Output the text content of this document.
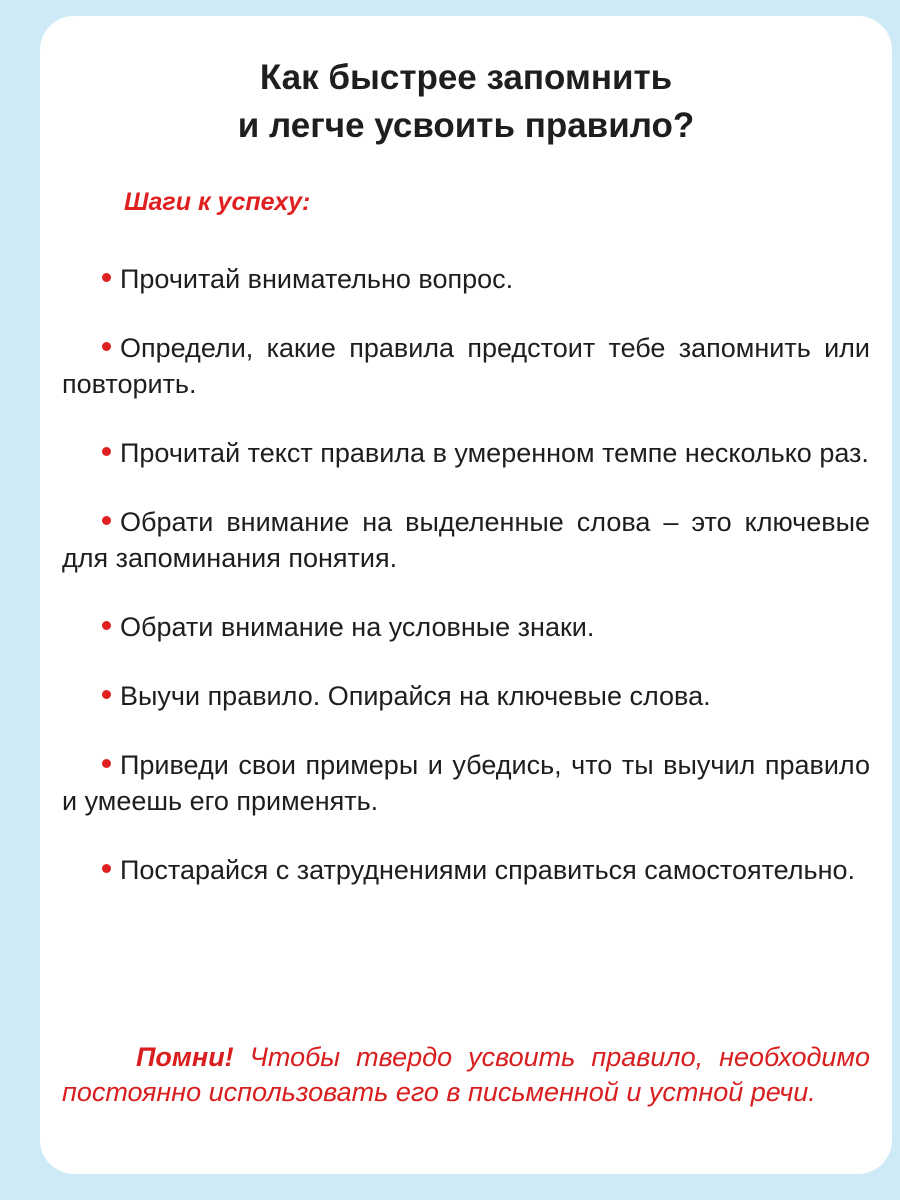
Как быстрее запомнить
и легче усвоить правило?
Шаги к успеху:

Прочитай внимательно вопрос.

Определи, какие правила предстоит тебе запомнить или повторить.

Прочитай текст правила в умеренном темпе несколько раз.

Обрати внимание на выделенные слова – это ключевые для запоминания понятия.

Обрати внимание на условные знаки.

Выучи правило. Опирайся на ключевые слова.

Приведи свои примеры и убедись, что ты выучил правило и умеешь его применять.

Постарайся с затруднениями справиться самостоятельно.

Помни! Чтобы твердо усвоить правило, необходимо постоянно использовать его в письменной и устной речи.
